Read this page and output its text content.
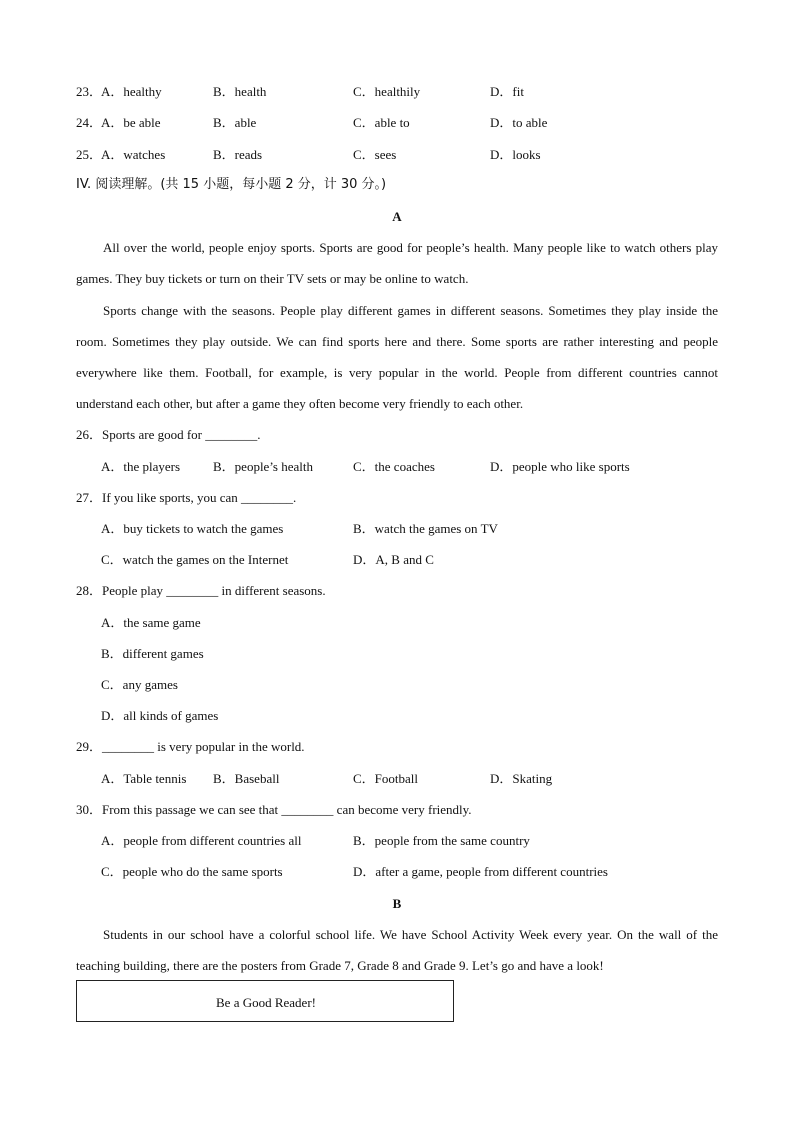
23．
A．healthy	B．health	C．healthily	D．fit
24．
A．be able	B．able	C．able to	D．to able
25．
A．watches	B．reads	C．sees	D．looks
IV. 阅读理解。(共 15 小题，每小题 2 分，计 30 分。)
A
All over the world, people enjoy sports. Sports are good for people’s health. Many people like to watch others play games. They buy tickets or turn on their TV sets or may be online to watch.
Sports change with the seasons. People play different games in different seasons. Sometimes they play inside the room. Sometimes they play outside. We can find sports here and there. Some sports are rather interesting and people everywhere like them. Football, for example, is very popular in the world. People from different countries cannot understand each other, but after a game they often become very friendly to each other.
26．Sports are good for ________.
A．the players	B．people’s health	C．the coaches	D．people who like sports
27．If you like sports, you can ________.
A．buy tickets to watch the games	B．watch the games on TV
C．watch the games on the Internet	D．A, B and C
28．People play ________ in different seasons.
A．the same game
B．different games
C．any games
D．all kinds of games
29．________ is very popular in the world.
A．Table tennis B．Baseball	C．Football	D．Skating
30．From this passage we can see that ________ can become very friendly.
A．people from different countries all	B．people from the same country
C．people who do the same sports	D．after a game, people from different countries
B
Students in our school have a colorful school life. We have School Activity Week every year. On the wall of the teaching building, there are the posters from Grade 7, Grade 8 and Grade 9. Let’s go and have a look!
Be a Good Reader!
